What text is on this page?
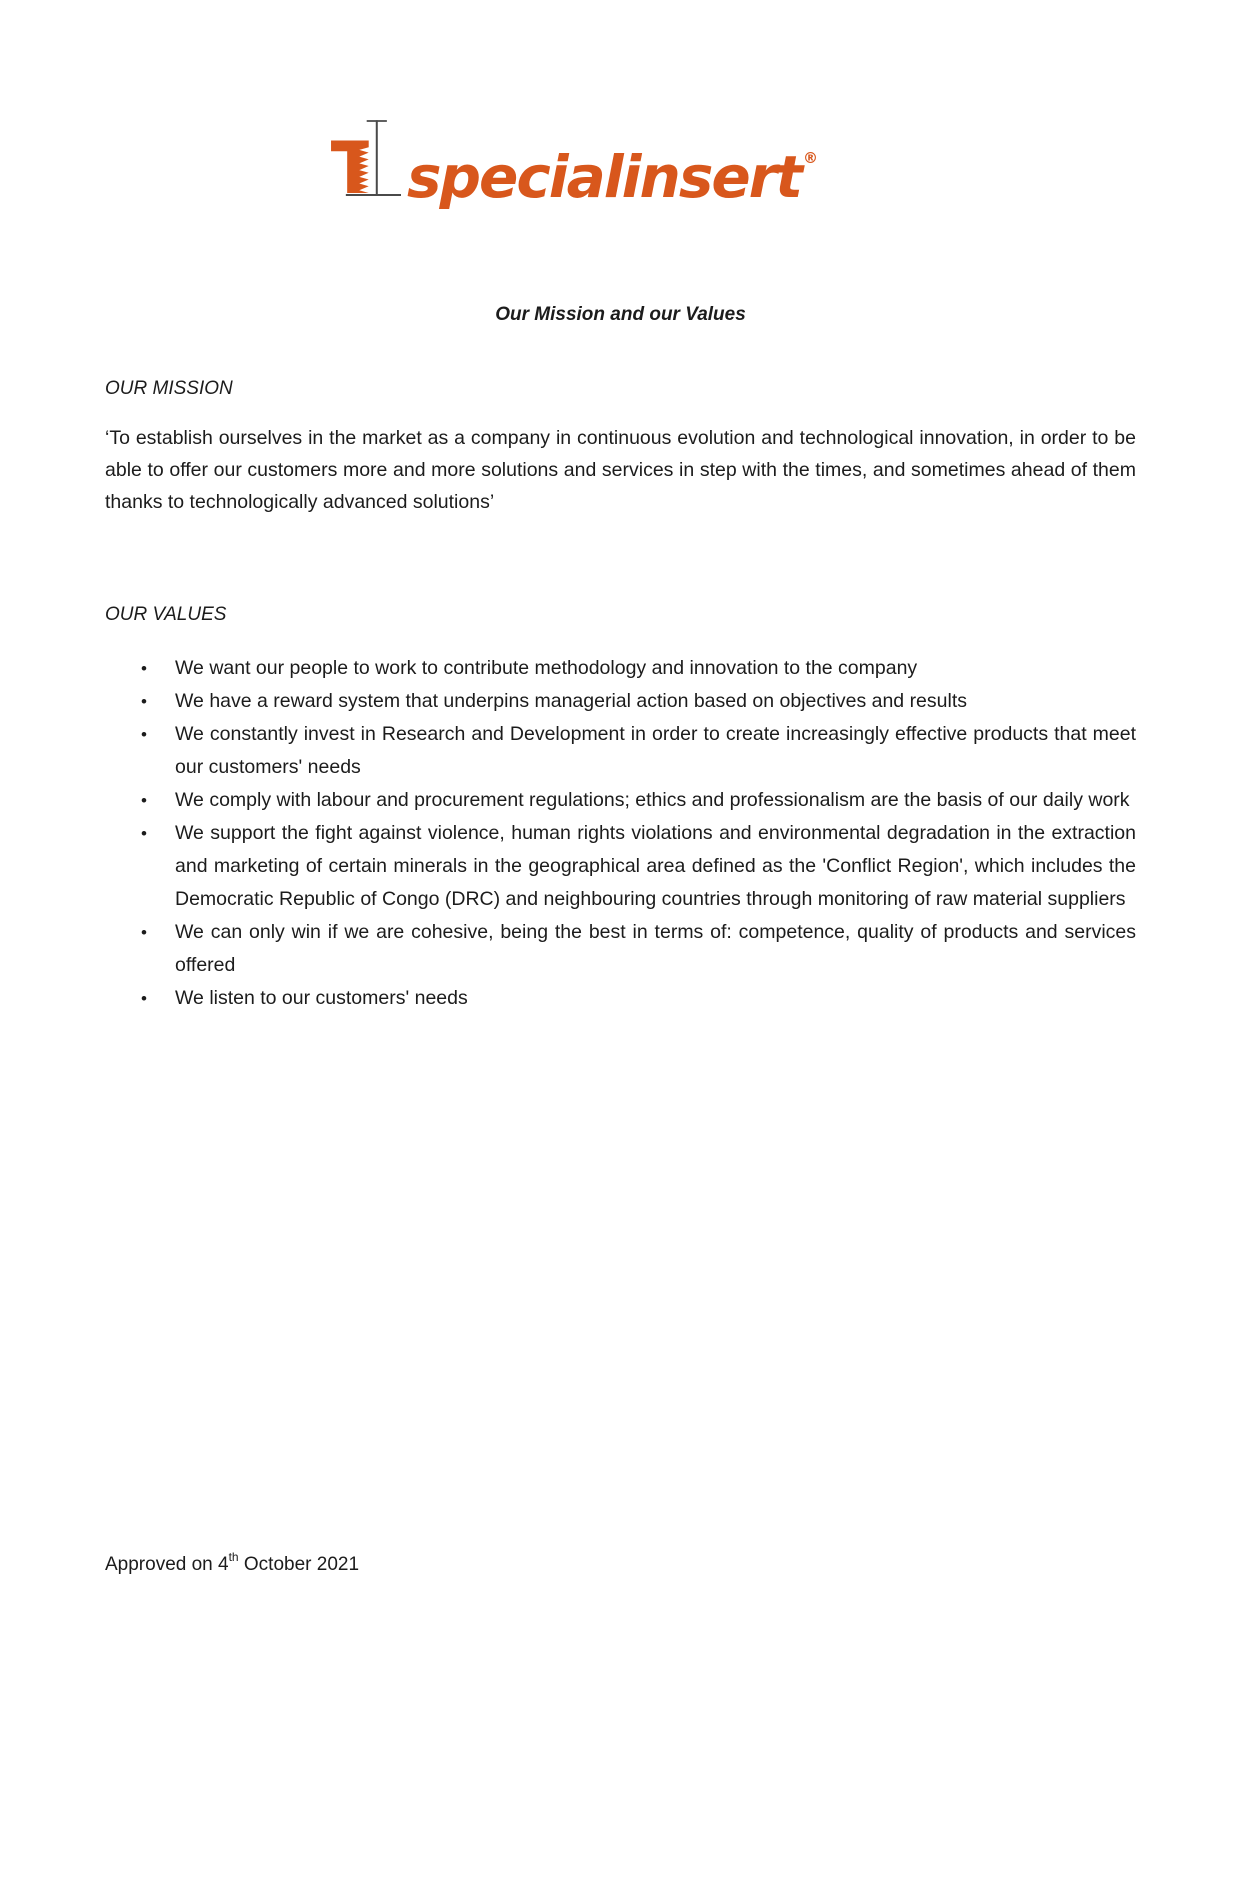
specialinsert ®
Our Mission and our Values
OUR MISSION

‘To establish ourselves in the market as a company in continuous evolution and technological innovation, in order to be able to offer our customers more and more solutions and services in step with the times, and sometimes ahead of them thanks to technologically advanced solutions’

OUR VALUES
• We want our people to work to contribute methodology and innovation to the company
• We have a reward system that underpins managerial action based on objectives and results
• We constantly invest in Research and Development in order to create increasingly effective products that meet our customers' needs
• We comply with labour and procurement regulations; ethics and professionalism are the basis of our daily work
• We support the fight against violence, human rights violations and environmental degradation in the extraction and marketing of certain minerals in the geographical area defined as the 'Conflict Region', which includes the Democratic Republic of Congo (DRC) and neighbouring countries through monitoring of raw material suppliers
• We can only win if we are cohesive, being the best in terms of: competence, quality of products and services offered
• We listen to our customers' needs
Approved on 4th October 2021
